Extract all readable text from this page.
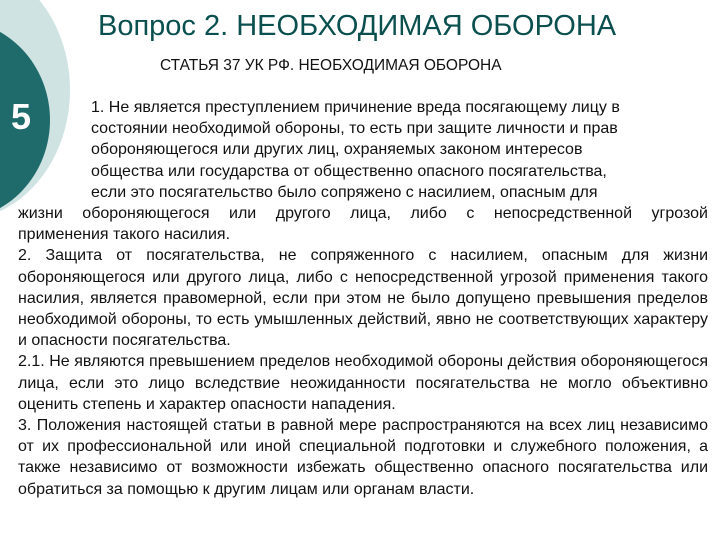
5
Вопрос 2. НЕОБХОДИМАЯ ОБОРОНА
СТАТЬЯ 37 УК РФ. НЕОБХОДИМАЯ ОБОРОНА

1. Не является преступлением причинение вреда посягающему лицу в
состоянии необходимой обороны, то есть при защите личности и прав
обороняющегося или других лиц, охраняемых законом интересов
общества или государства от общественно опасного посягательства,
если это посягательство было сопряжено с насилием, опасным для
жизни обороняющегося или другого лица, либо с непосредственной угрозой
применения такого насилия.

2. Защита от посягательства, не сопряженного с насилием, опасным для жизни обороняющегося или другого лица, либо с непосредственной угрозой применения такого насилия, является правомерной, если при этом не было допущено превышения пределов необходимой обороны, то есть умышленных действий, явно не соответствующих характеру и опасности посягательства.

2.1. Не являются превышением пределов необходимой обороны действия обороняющегося лица, если это лицо вследствие неожиданности посягательства не могло объективно оценить степень и характер опасности нападения.

3. Положения настоящей статьи в равной мере распространяются на всех лиц независимо от их профессиональной или иной специальной подготовки и служебного положения, а также независимо от возможности избежать общественно опасного посягательства или обратиться за помощью к другим лицам или органам власти.
